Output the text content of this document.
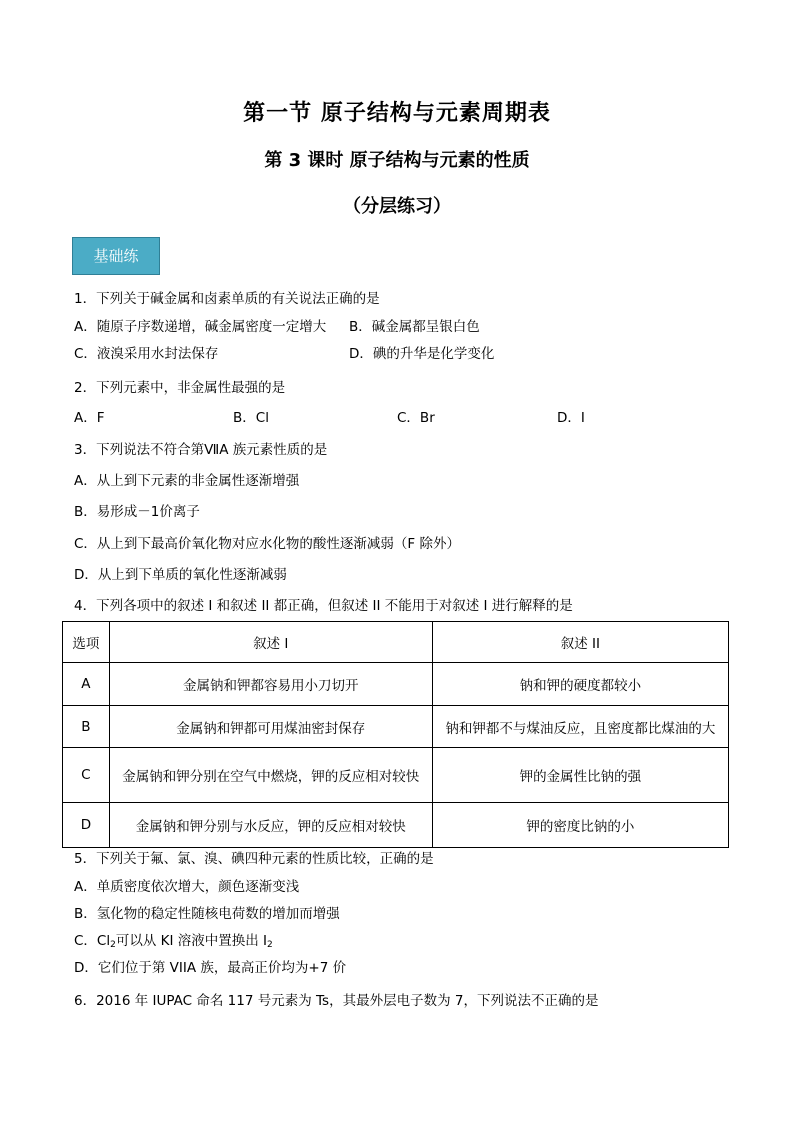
第一节 原子结构与元素周期表
第 3 课时 原子结构与元素的性质
（分层练习）
基础练
1．下列关于碱金属和卤素单质的有关说法正确的是
A．随原子序数递增，碱金属密度一定增大 B．碱金属都呈银白色
C．液溴采用水封法保存	D．碘的升华是化学变化
2．下列元素中，非金属性最强的是
A．F	B．Cl	C．Br	D．I
3．下列说法不符合第ⅦA 族元素性质的是
A．从上到下元素的非金属性逐渐增强
B．易形成－1价离子
C．从上到下最高价氧化物对应水化物的酸性逐渐减弱（F 除外）
D．从上到下单质的氧化性逐渐减弱
4．下列各项中的叙述 I 和叙述 II 都正确，但叙述 II 不能用于对叙述 I 进行解释的是
选项	叙述 I	叙述 II
A	金属钠和钾都容易用小刀切开	钠和钾的硬度都较小
B	金属钠和钾都可用煤油密封保存	钠和钾都不与煤油反应，且密度都比煤油的大
C	金属钠和钾分别在空气中燃烧，钾的反应相对较快	钾的金属性比钠的强
D	金属钠和钾分别与水反应，钾的反应相对较快	钾的密度比钠的小
5．下列关于氟、氯、溴、碘四种元素的性质比较，正确的是
A．单质密度依次增大，颜色逐渐变浅
B．氢化物的稳定性随核电荷数的增加而增强
C．$Cl_2$可以从 KI 溶液中置换出 $I_2$
D．它们位于第 VIIA 族，最高正价均为+7 价
6．2016 年 IUPAC 命名 117 号元素为 Ts，其最外层电子数为 7，下列说法不正确的是
